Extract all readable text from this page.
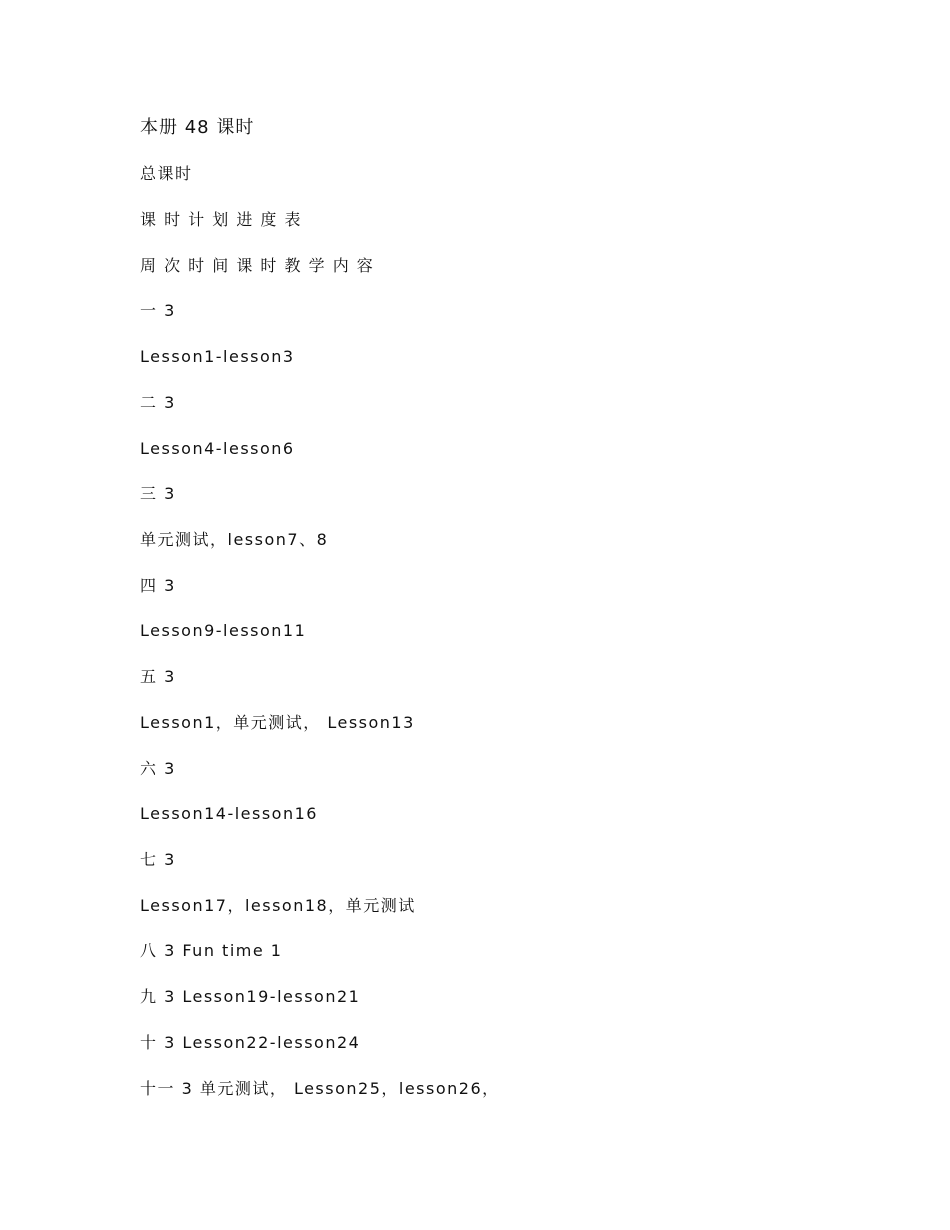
本册 48 课时
总课时
课 时 计 划 进 度 表
周 次 时 间 课 时 教 学 内 容
一 3
Lesson1-lesson3
二 3
Lesson4-lesson6
三 3
单元测试，lesson7、8
四 3
Lesson9-lesson11
五 3
Lesson1，单元测试， Lesson13
六 3
Lesson14-lesson16
七 3
Lesson17，lesson18，单元测试
八 3 Fun time 1
九 3 Lesson19-lesson21
十 3 Lesson22-lesson24
十一 3 单元测试， Lesson25，lesson26，
